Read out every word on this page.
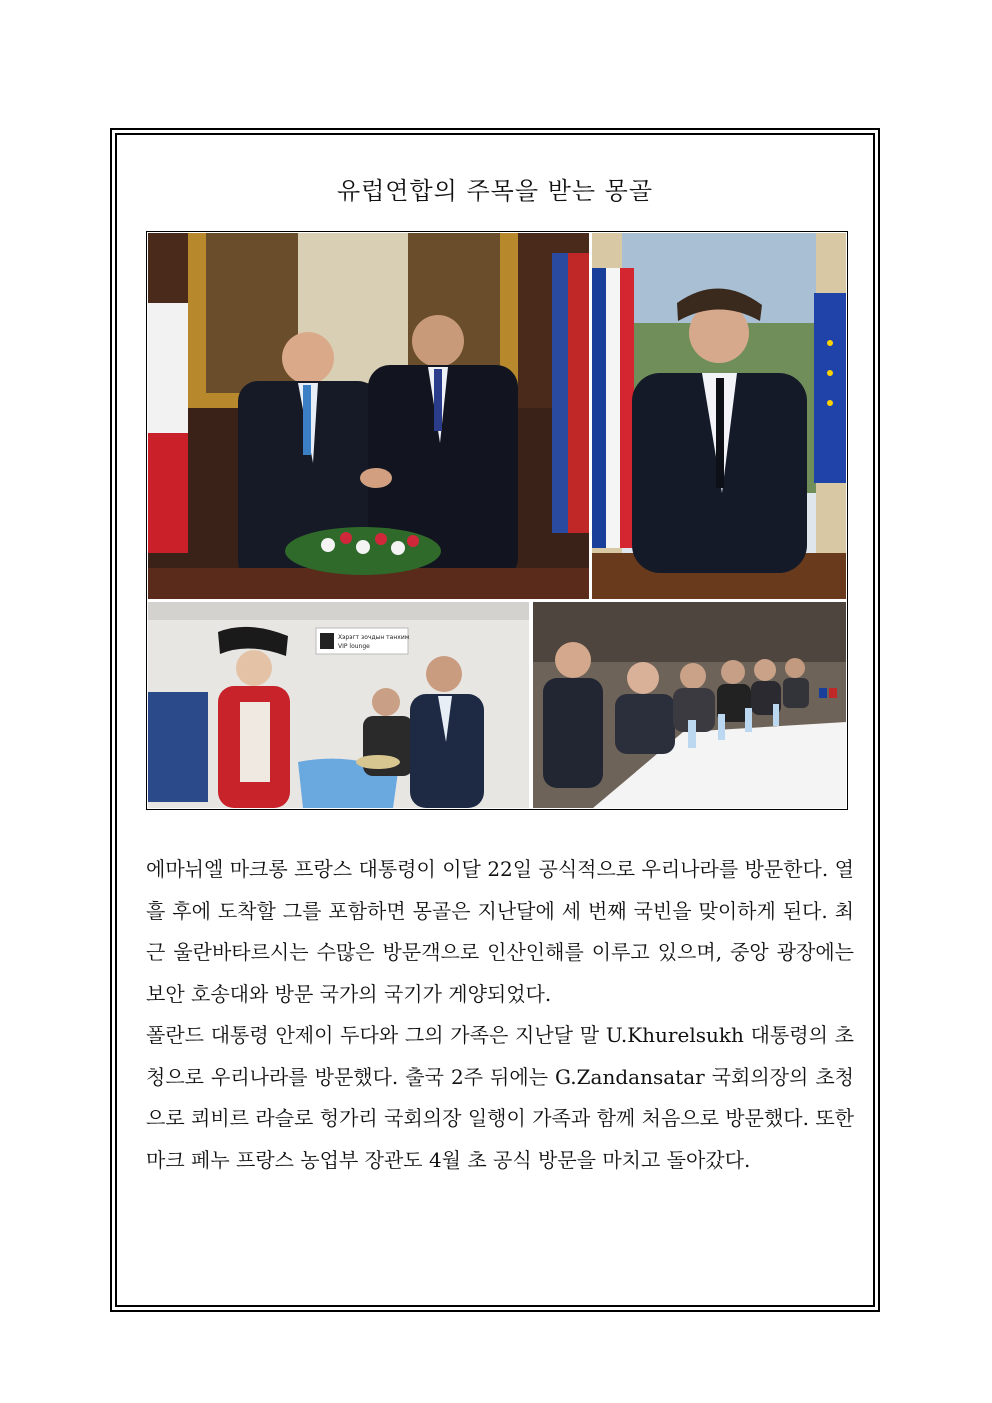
유럽연합의 주목을 받는 몽골
Хэрэгт зочдын танхим
VIP lounge

에마뉘엘 마크롱 프랑스 대통령이 이달 22일 공식적으로 우리나라를 방문한다. 열흘 후에 도착할 그를 포함하면 몽골은 지난달에 세 번째 국빈을 맞이하게 된다. 최근 울란바타르시는 수많은 방문객으로 인산인해를 이루고 있으며, 중앙 광장에는 보안 호송대와 방문 국가의 국기가 게양되었다.

폴란드 대통령 안제이 두다와 그의 가족은 지난달 말 U.Khurelsukh 대통령의 초청으로 우리나라를 방문했다. 출국 2주 뒤에는 G.Zandansatar 국회의장의 초청으로 쾨비르 라슬로 헝가리 국회의장 일행이 가족과 함께 처음으로 방문했다. 또한 마크 페누 프랑스 농업부 장관도 4월 초 공식 방문을 마치고 돌아갔다.
